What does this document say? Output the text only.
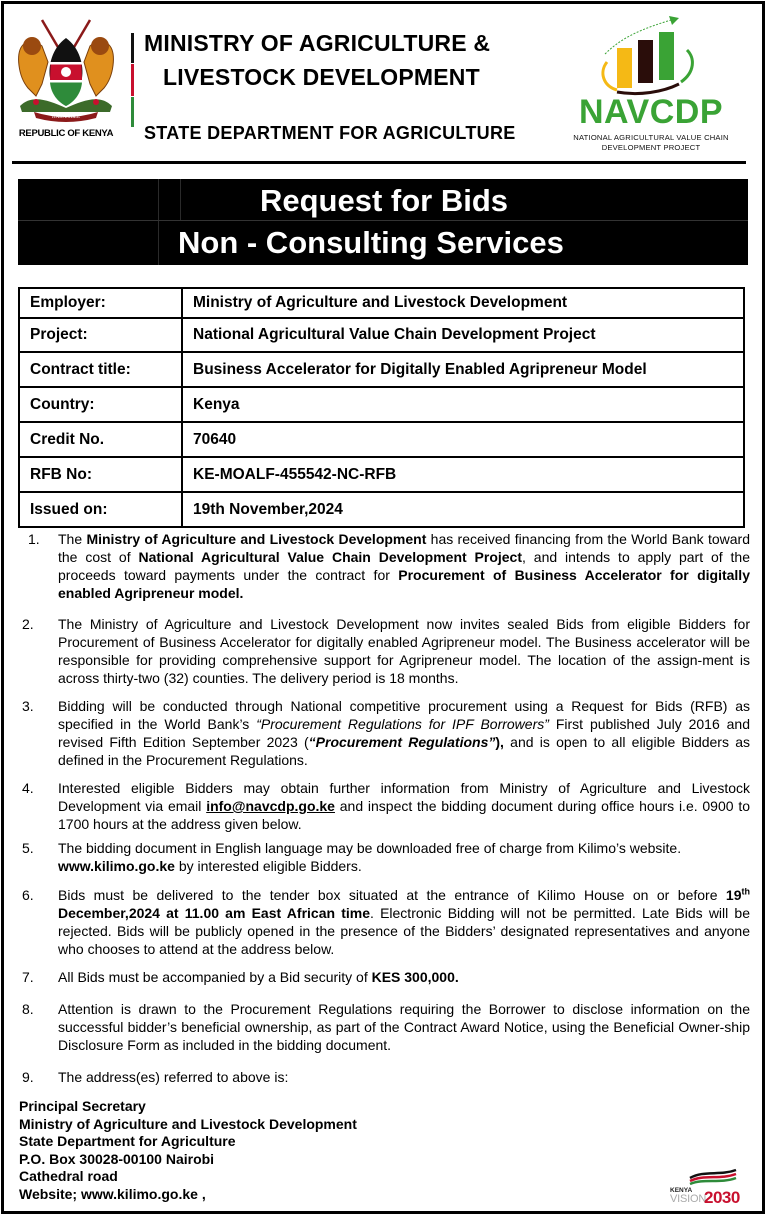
HARAMBEE
REPUBLIC OF KENYA
MINISTRY OF AGRICULTURE &
LIVESTOCK DEVELOPMENT
STATE DEPARTMENT FOR AGRICULTURE
NAVCDP
NATIONAL AGRICULTURAL VALUE CHAIN
DEVELOPMENT PROJECT
Request for Bids
Non - Consulting Services
Employer:	Ministry of Agriculture and Livestock Development
Project:	National Agricultural Value Chain Development Project
Contract title:	Business Accelerator for Digitally Enabled Agripreneur Model
Country:	Kenya
Credit No.	70640
RFB No:	KE-MOALF-455542-NC-RFB
Issued on:	19th November,2024
1.	The Ministry of Agriculture and Livestock Development has received financing from the World Bank toward the cost of National Agricultural Value Chain Development Project, and intends to apply part of the proceeds toward payments under the contract for Procurement of Business Accelerator for digitally enabled Agripreneur model.
2.	The Ministry of Agriculture and Livestock Development now invites sealed Bids from eligible Bidders for Procurement of Business Accelerator for digitally enabled Agripreneur model. The Business accelerator will be responsible for providing comprehensive support for Agripreneur model. The location of the assign-ment is across thirty-two (32) counties. The delivery period is 18 months.
3.	Bidding will be conducted through National competitive procurement using a Request for Bids (RFB) as specified in the World Bank’s “Procurement Regulations for IPF Borrowers” First published July 2016 and revised Fifth Edition September 2023 (“Procurement Regulations”), and is open to all eligible Bidders as defined in the Procurement Regulations.
4.	Interested eligible Bidders may obtain further information from Ministry of Agriculture and Livestock Development via email info@navcdp.go.ke and inspect the bidding document during office hours i.e. 0900 to 1700 hours at the address given below.
5.	The bidding document in English language may be downloaded free of charge from Kilimo’s website.
www.kilimo.go.ke by interested eligible Bidders.
6.	Bids must be delivered to the tender box situated at the entrance of Kilimo House on or before 19th December,2024 at 11.00 am East African time. Electronic Bidding will not be permitted. Late Bids will be rejected. Bids will be publicly opened in the presence of the Bidders’ designated representatives and anyone who chooses to attend at the address below.
7.	All Bids must be accompanied by a Bid security of KES 300,000.
8.	Attention is drawn to the Procurement Regulations requiring the Borrower to disclose information on the successful bidder’s beneficial ownership, as part of the Contract Award Notice, using the Beneficial Owner-ship Disclosure Form as included in the bidding document.
9.	The address(es) referred to above is:
Principal Secretary
Ministry of Agriculture and Livestock Development
State Department for Agriculture
P.O. Box 30028-00100 Nairobi
Cathedral road
Website; www.kilimo.go.ke ,	KENYA
VISION
2030
